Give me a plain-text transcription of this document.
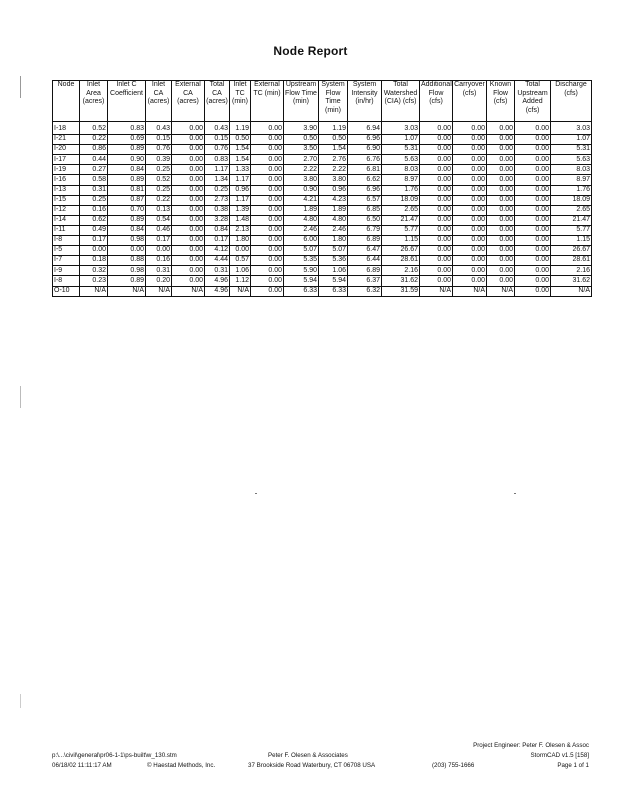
Node Report
Node	Inlet Area (acres)	Inlet C Coefficient	Inlet CA (acres)	External CA (acres)	Total CA (acres)	Inlet TC (min)	External TC (min)	Upstream Flow Time (min)	System Flow Time (min)	System Intensity (in/hr)	Total Watershed (CIA) (cfs)	Additional Flow (cfs)	Carryover (cfs)	Known Flow (cfs)	Total Upstream Added (cfs)	Discharge (cfs)
I-18	0.52	0.83	0.43	0.00	0.43	1.19	0.00	3.90	1.19	6.94	3.03	0.00	0.00	0.00	0.00	3.03
I-21	0.22	0.69	0.15	0.00	0.15	0.50	0.00	0.50	0.50	6.96	1.07	0.00	0.00	0.00	0.00	1.07
I-20	0.86	0.89	0.76	0.00	0.76	1.54	0.00	3.50	1.54	6.90	5.31	0.00	0.00	0.00	0.00	5.31
I-17	0.44	0.90	0.39	0.00	0.83	1.54	0.00	2.70	2.76	6.76	5.63	0.00	0.00	0.00	0.00	5.63
I-19	0.27	0.84	0.25	0.00	1.17	1.33	0.00	2.22	2.22	6.81	8.03	0.00	0.00	0.00	0.00	8.03
I-16	0.58	0.89	0.52	0.00	1.34	1.17	0.00	3.80	3.80	6.62	8.97	0.00	0.00	0.00	0.00	8.97
I-13	0.31	0.81	0.25	0.00	0.25	0.96	0.00	0.90	0.96	6.96	1.76	0.00	0.00	0.00	0.00	1.76
I-15	0.25	0.87	0.22	0.00	2.73	1.17	0.00	4.21	4.23	6.57	18.09	0.00	0.00	0.00	0.00	18.09
I-12	0.16	0.70	0.13	0.00	0.38	1.39	0.00	1.89	1.89	6.85	2.65	0.00	0.00	0.00	0.00	2.65
I-14	0.62	0.89	0.54	0.00	3.28	1.48	0.00	4.80	4.80	6.50	21.47	0.00	0.00	0.00	0.00	21.47
I-11	0.49	0.84	0.46	0.00	0.84	2.13	0.00	2.46	2.46	6.79	5.77	0.00	0.00	0.00	0.00	5.77
I-8	0.17	0.98	0.17	0.00	0.17	1.80	0.00	6.00	1.80	6.89	1.15	0.00	0.00	0.00	0.00	1.15
I-5	0.00	0.00	0.00	0.00	4.12	0.00	0.00	5.07	5.07	6.47	26.67	0.00	0.00	0.00	0.00	26.67
I-7	0.18	0.88	0.16	0.00	4.44	0.57	0.00	5.35	5.36	6.44	28.61	0.00	0.00	0.00	0.00	28.61
I-9	0.32	0.98	0.31	0.00	0.31	1.06	0.00	5.90	1.06	6.89	2.16	0.00	0.00	0.00	0.00	2.16
I-8	0.23	0.89	0.20	0.00	4.96	1.12	0.00	5.94	5.94	6.37	31.62	0.00	0.00	0.00	0.00	31.62
O-10	N/A	N/A	N/A	N/A	4.96	N/A	0.00	6.33	6.33	6.32	31.59	N/A	N/A	N/A	0.00	N/A
p:\...\civil\general\pr06-1-1\ps-built\w_130.stm
06/18/02 11:11:17 AM	© Haestad Methods, Inc.
Peter F. Olesen & Associates
37 Brookside Road Waterbury, CT 06708 USA	(203) 755-1666
Project Engineer: Peter F. Olesen & Assoc
StormCAD v1.5 [158]
Page 1 of 1
